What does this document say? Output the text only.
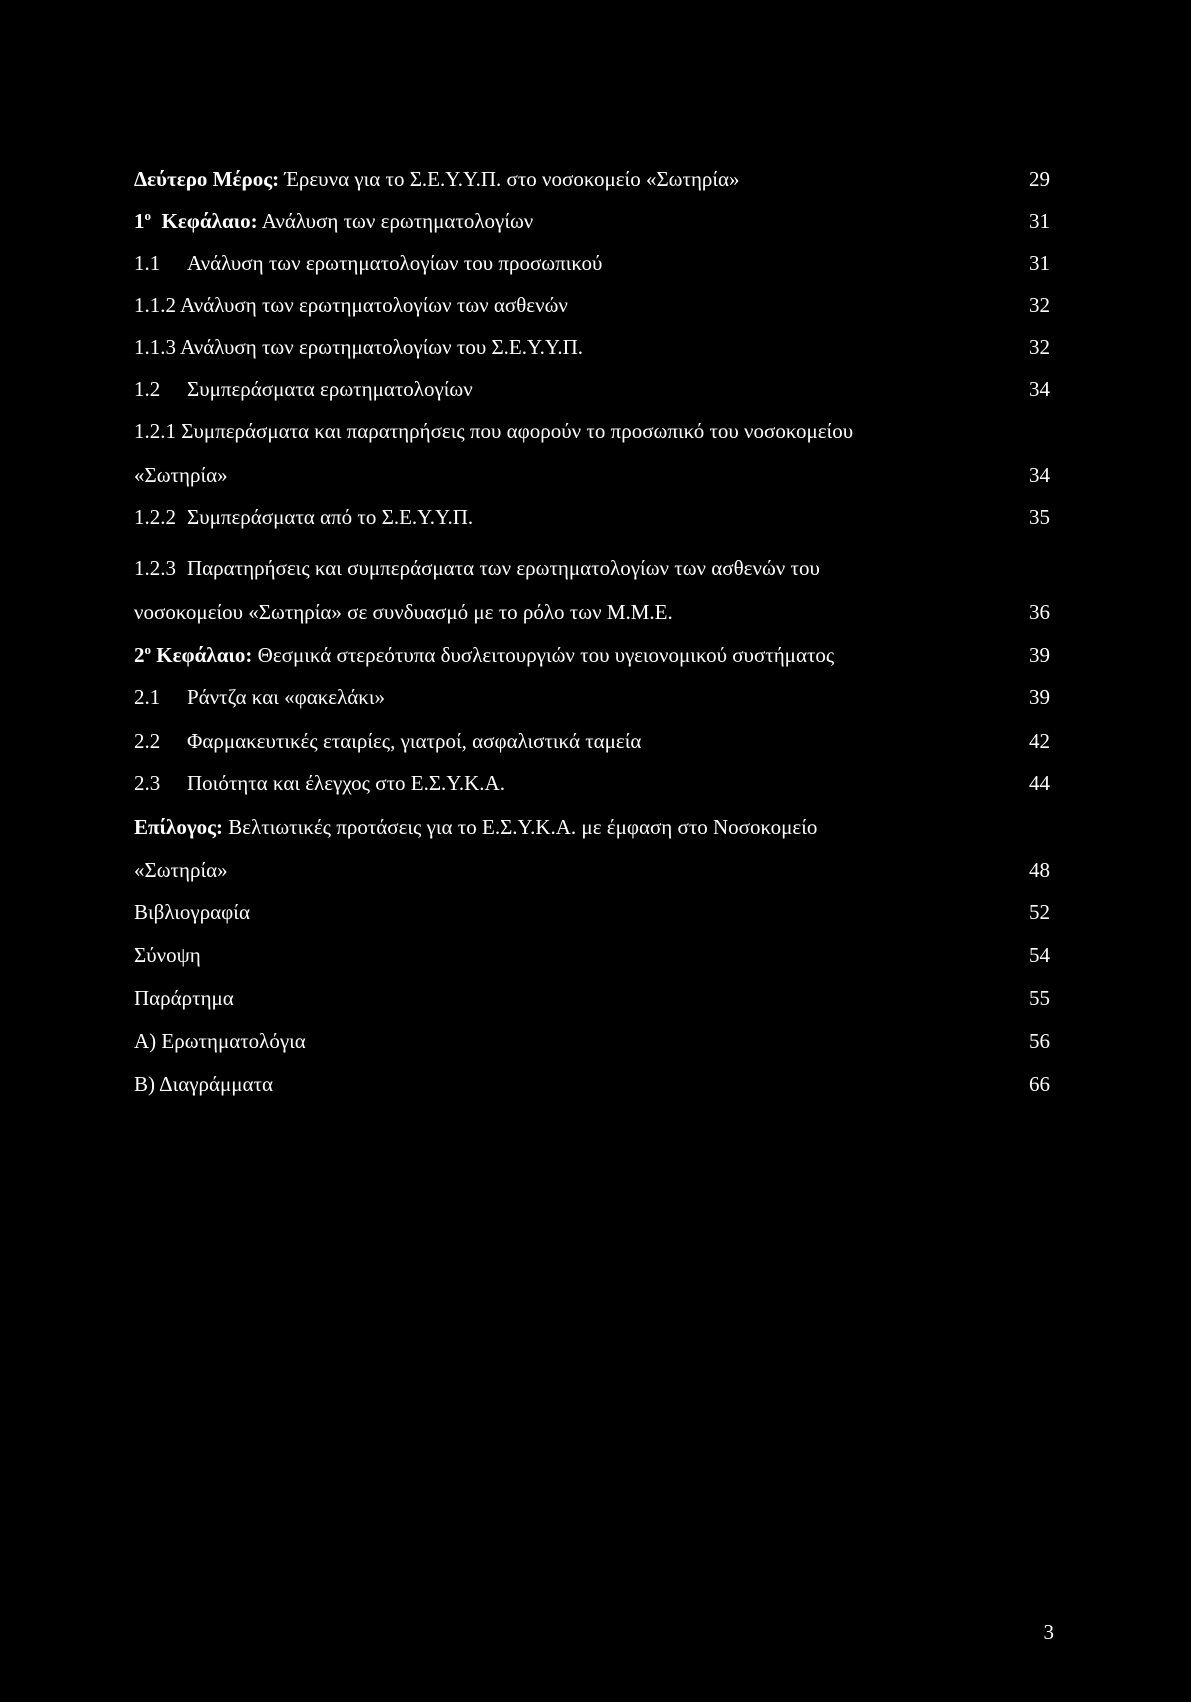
Δεύτερο Μέρος: Έρευνα για το Σ.Ε.Υ.Υ.Π. στο νοσοκομείο «Σωτηρία»	29
$1^o$ Κεφάλαιο: Ανάλυση των ερωτηματολογίων	31
1.1 Ανάλυση των ερωτηματολογίων του προσωπικού	31
1.1.2 Ανάλυση των ερωτηματολογίων των ασθενών	32
1.1.3 Ανάλυση των ερωτηματολογίων του Σ.Ε.Υ.Υ.Π.	32
1.2 Συμπεράσματα ερωτηματολογίων	34
1.2.1 Συμπεράσματα και παρατηρήσεις που αφορούν το προσωπικό του νοσοκομείου
«Σωτηρία»	34
1.2.2 Συμπεράσματα από το Σ.Ε.Υ.Υ.Π.	35
1.2.3 Παρατηρήσεις και συμπεράσματα των ερωτηματολογίων των ασθενών του
νοσοκομείου «Σωτηρία» σε συνδυασμό με το ρόλο των Μ.Μ.Ε.	36
$2^o$ Κεφάλαιο: Θεσμικά στερεότυπα δυσλειτουργιών του υγειονομικού συστήματος	39
2.1 Ράντζα και «φακελάκι»	39
2.2 Φαρμακευτικές εταιρίες, γιατροί, ασφαλιστικά ταμεία	42
2.3 Ποιότητα και έλεγχος στο Ε.Σ.Υ.Κ.Α.	44
Επίλογος: Βελτιωτικές προτάσεις για το Ε.Σ.Υ.Κ.Α. με έμφαση στο Νοσοκομείο
«Σωτηρία»	48
Βιβλιογραφία	52
Σύνοψη	54
Παράρτημα	55
Α) Ερωτηματολόγια	56
Β) Διαγράμματα	66
3
